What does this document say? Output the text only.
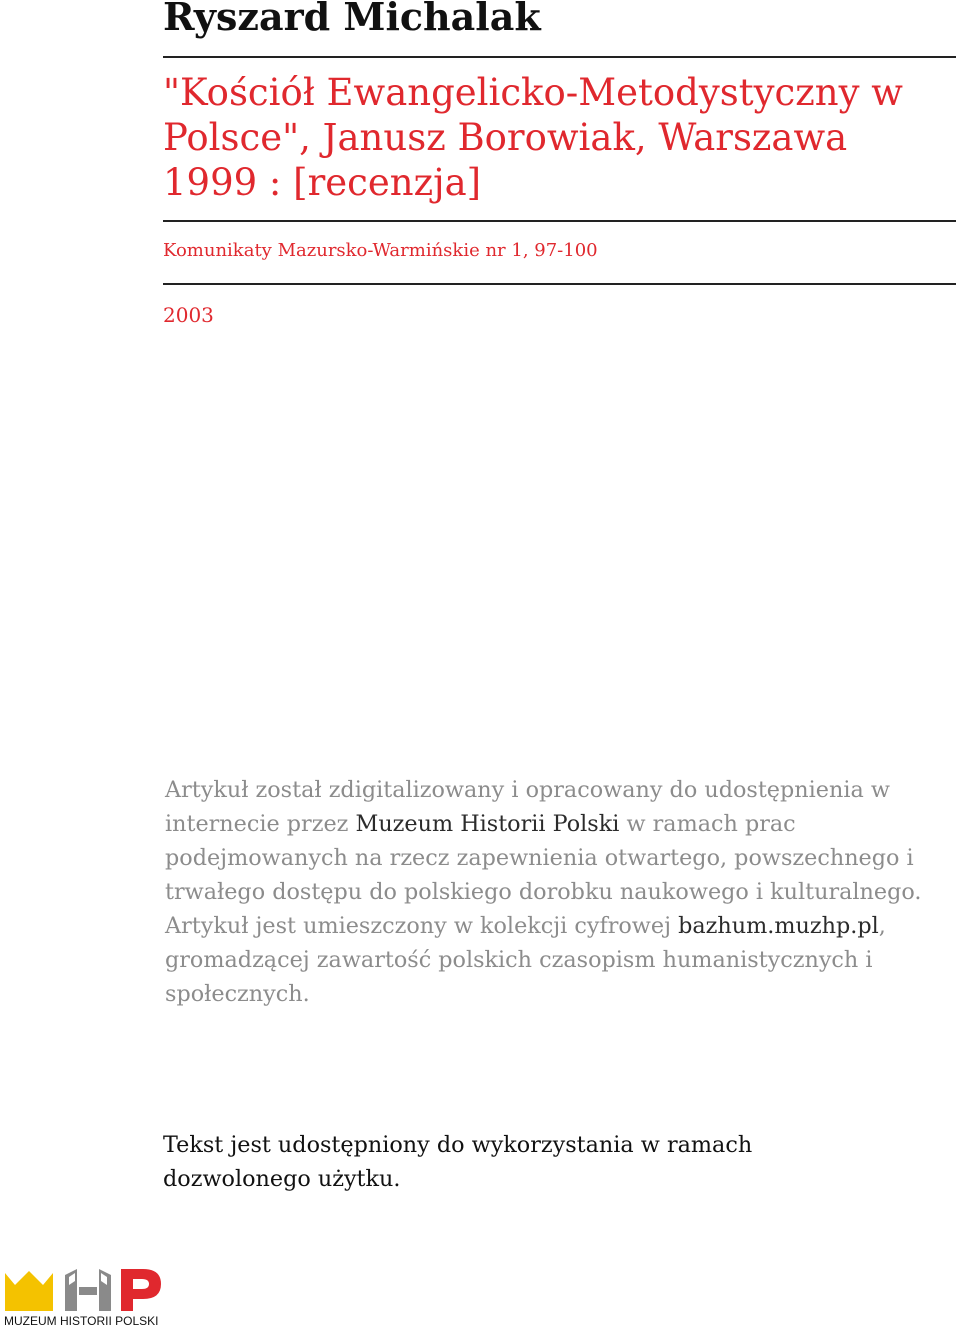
Ryszard Michalak
"Kościół Ewangelicko-Metodystyczny w Polsce", Janusz Borowiak, Warszawa 1999 : [recenzja]
Komunikaty Mazursko-Warmińskie nr 1, 97-100
2003

Artykuł został zdigitalizowany i opracowany do udostępnienia w internecie przez Muzeum Historii Polski w ramach prac podejmowanych na rzecz zapewnienia otwartego, powszechnego i trwałego dostępu do polskiego dorobku naukowego i kulturalnego. Artykuł jest umieszczony w kolekcji cyfrowej bazhum.muzhp.pl, gromadzącej zawartość polskich czasopism humanistycznych i społecznych.

Tekst jest udostępniony do wykorzystania w ramach dozwolonego użytku.

MUZEUM HISTORII POLSKI
